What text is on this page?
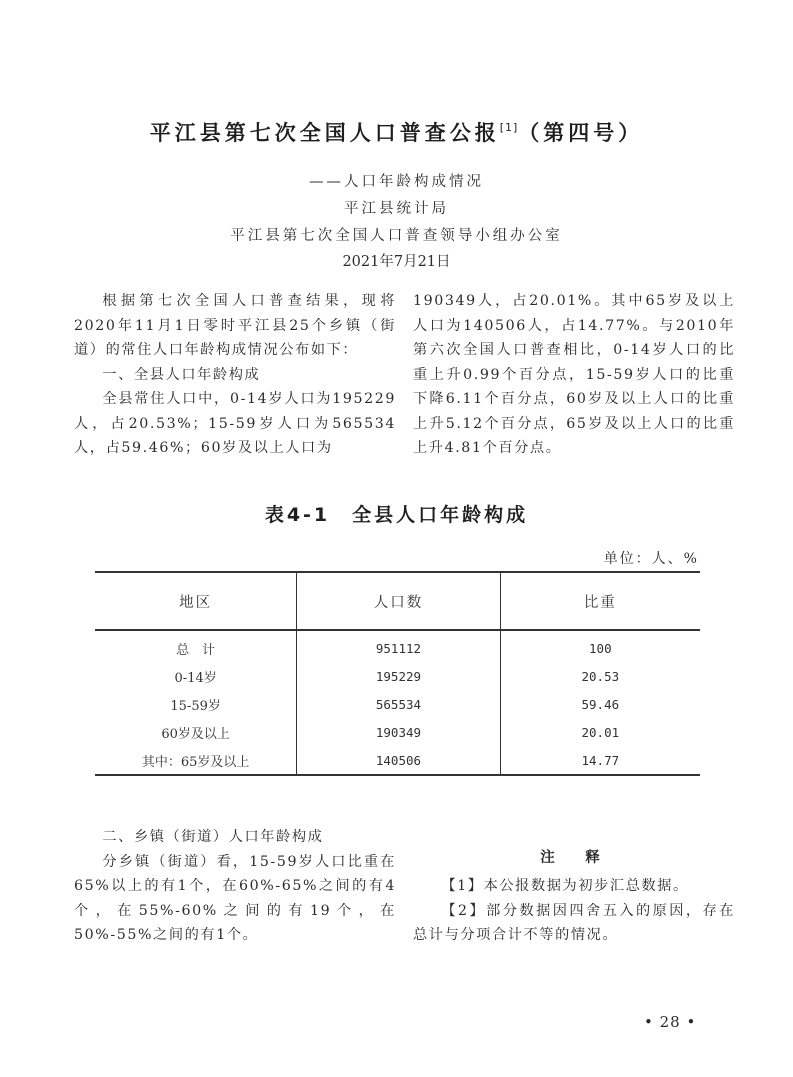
平江县第七次全国人口普查公报[1]（第四号）
——人口年龄构成情况
平江县统计局
平江县第七次全国人口普查领导小组办公室
2021年7月21日

根据第七次全国人口普查结果，现将2020年11月1日零时平江县25个乡镇（街道）的常住人口年龄构成情况公布如下：

一、全县人口年龄构成

全县常住人口中，0-14岁人口为195229人，占20.53%；15-59岁人口为565534人，占59.46%；60岁及以上人口为

190349人，占20.01%。其中65岁及以上人口为140506人，占14.77%。与2010年第六次全国人口普查相比，0-14岁人口的比重上升0.99个百分点，15-59岁人口的比重下降6.11个百分点，60岁及以上人口的比重上升5.12个百分点，65岁及以上人口的比重上升4.81个百分点。

表4-1　全县人口年龄构成
单位：人、%
地区	人口数	比重
总　计	951112	100
0-14岁	195229	20.53
15-59岁	565534	59.46
60岁及以上	190349	20.01
其中：65岁及以上	140506	14.77

二、乡镇（街道）人口年龄构成

分乡镇（街道）看，15-59岁人口比重在65%以上的有1个，在60%-65%之间的有4个，在55%-60%之间的有19个，在50%-55%之间的有1个。

注　释

【1】本公报数据为初步汇总数据。

【2】部分数据因四舍五入的原因，存在总计与分项合计不等的情况。

• 28 •
